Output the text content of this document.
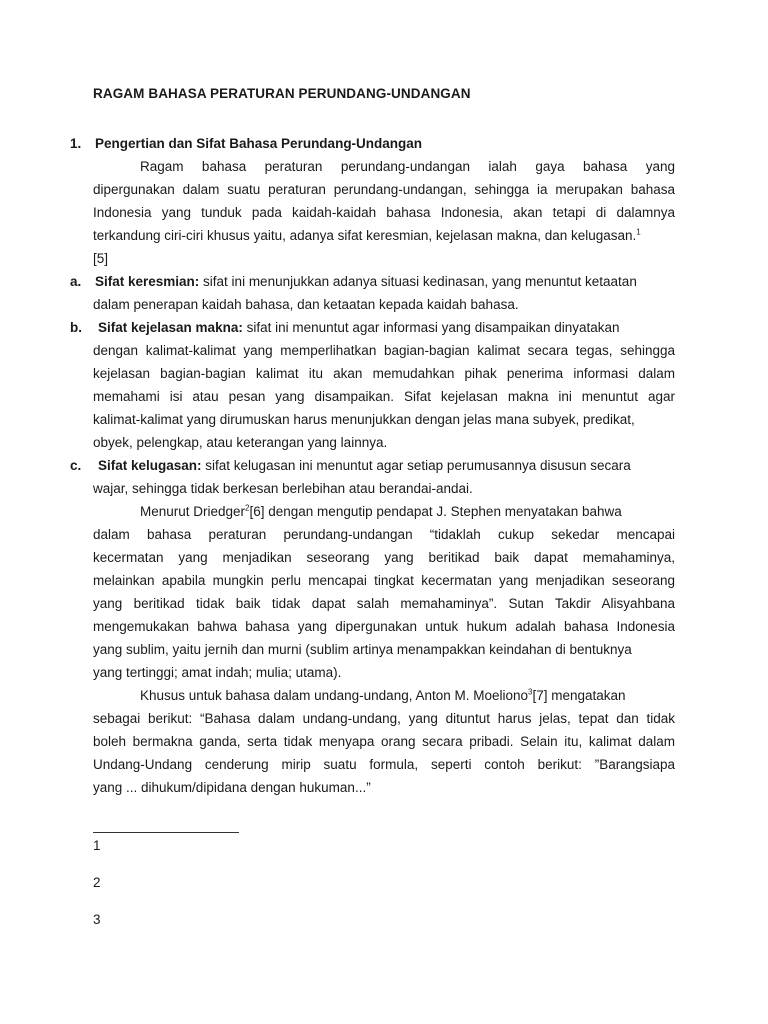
RAGAM BAHASA PERATURAN PERUNDANG-UNDANGAN
1. Pengertian dan Sifat Bahasa Perundang-Undangan
Ragam bahasa peraturan perundang-undangan ialah gaya bahasa yang
dipergunakan dalam suatu peraturan perundang-undangan, sehingga ia merupakan bahasa
Indonesia yang tunduk pada kaidah-kaidah bahasa Indonesia, akan tetapi di dalamnya
terkandung ciri-ciri khusus yaitu, adanya sifat keresmian, kejelasan makna, dan kelugasan.$^1$
[5]
a. Sifat keresmian: sifat ini menunjukkan adanya situasi kedinasan, yang menuntut ketaatan
dalam penerapan kaidah bahasa, dan ketaatan kepada kaidah bahasa.
b. Sifat kejelasan makna: sifat ini menuntut agar informasi yang disampaikan dinyatakan
dengan kalimat-kalimat yang memperlihatkan bagian-bagian kalimat secara tegas, sehingga
kejelasan bagian-bagian kalimat itu akan memudahkan pihak penerima informasi dalam
memahami isi atau pesan yang disampaikan. Sifat kejelasan makna ini menuntut agar
kalimat-kalimat yang dirumuskan harus menunjukkan dengan jelas mana subyek, predikat,
obyek, pelengkap, atau keterangan yang lainnya.
c. Sifat kelugasan: sifat kelugasan ini menuntut agar setiap perumusannya disusun secara
wajar, sehingga tidak berkesan berlebihan atau berandai-andai.
Menurut Driedger$^2$[6] dengan mengutip pendapat J. Stephen menyatakan bahwa
dalam bahasa peraturan perundang-undangan “tidaklah cukup sekedar mencapai
kecermatan yang menjadikan seseorang yang beritikad baik dapat memahaminya,
melainkan apabila mungkin perlu mencapai tingkat kecermatan yang menjadikan seseorang
yang beritikad tidak baik tidak dapat salah memahaminya”. Sutan Takdir Alisyahbana
mengemukakan bahwa bahasa yang dipergunakan untuk hukum adalah bahasa Indonesia
yang sublim, yaitu jernih dan murni (sublim artinya menampakkan keindahan di bentuknya
yang tertinggi; amat indah; mulia; utama).
Khusus untuk bahasa dalam undang-undang, Anton M. Moeliono$^3$[7] mengatakan
sebagai berikut: “Bahasa dalam undang-undang, yang dituntut harus jelas, tepat dan tidak
boleh bermakna ganda, serta tidak menyapa orang secara pribadi. Selain itu, kalimat dalam
Undang-Undang cenderung mirip suatu formula, seperti contoh berikut: ”Barangsiapa
yang ... dihukum/dipidana dengan hukuman...”
1
2
3
